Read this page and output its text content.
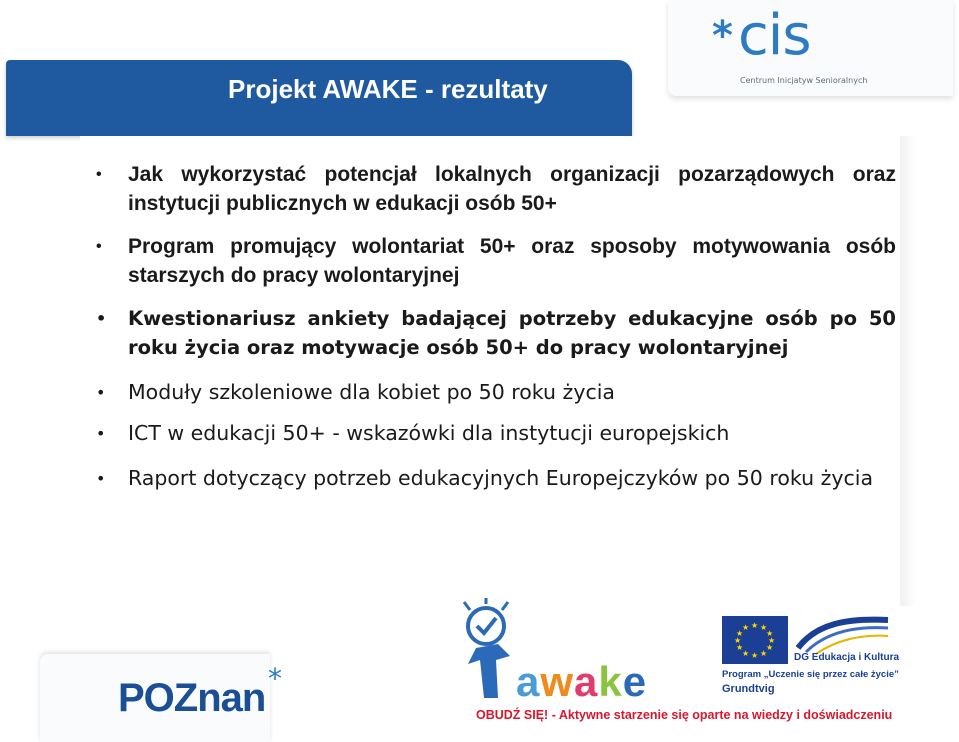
* cis
Centrum Inicjatyw Senioralnych
Projekt AWAKE - rezultaty
• Jak wykorzystać potencjał lokalnych organizacji pozarządowych oraz instytucji publicznych w edukacji osób 50+
• Program promujący wolontariat 50+ oraz sposoby motywowania osób starszych do pracy wolontaryjnej
• Kwestionariusz ankiety badającej potrzeby edukacyjne osób po 50 roku życia oraz motywacje osób 50+ do pracy wolontaryjnej
• Moduły szkoleniowe dla kobiet po 50 roku życia
• ICT w edukacji 50+ - wskazówki dla instytucji europejskich
• Raport dotyczący potrzeb edukacyjnych Europejczyków po 50 roku życia
POZnan *	awake
★ ★
★
★
★
★
★
★
★
★
★
★
DG Edukacja i Kultura
Program „Uczenie się przez całe życie”
Grundtvig
OBUDŹ SIĘ! - Aktywne starzenie się oparte na wiedzy i doświadczeniu
